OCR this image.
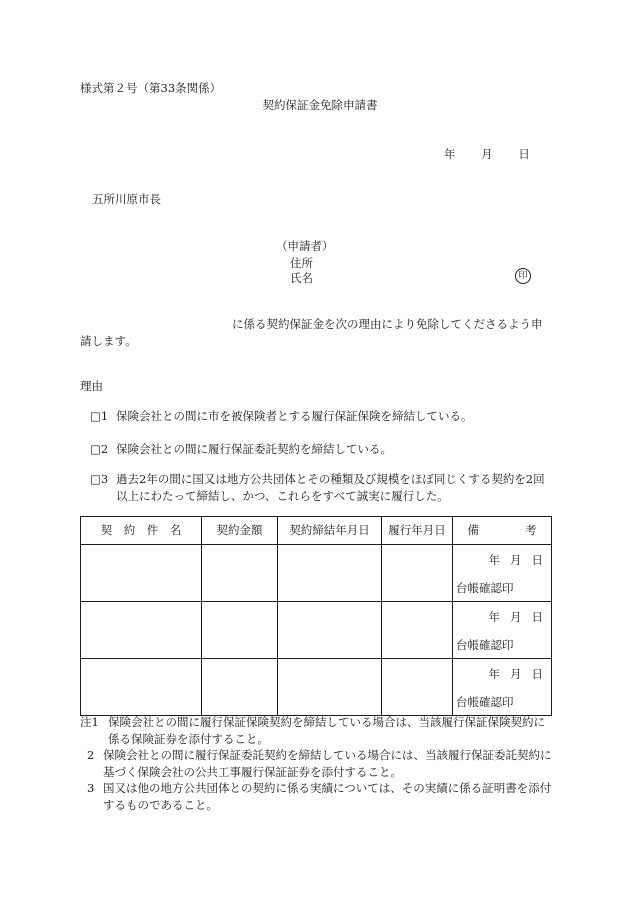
様式第２号（第33条関係）
契約保証金免除申請書
年 月 日
五所川原市長
（申請者）
住所
氏名	印
に係る契約保証金を次の理由により免除してくださるよう申請します。
理由
□1 保険会社との間に市を被保険者とする履行保証保険を締結している。
□2 保険会社との間に履行保証委託契約を締結している。
□3 過去2年の間に国又は地方公共団体とその種類及び規模をほぼ同じくする契約を2回以上にわたって締結し、かつ、これらをすべて誠実に履行した。
契　約　件　名	契約金額	契約締結年月日	履行年月日	備　　　　考

				年 月 日
台帳確認印

				年 月 日
台帳確認印

				年 月 日
台帳確認印
注1 保険会社との間に履行保証保険契約を締結している場合は、当該履行保証保険契約に係る保険証券を添付すること。
2 保険会社との間に履行保証委託契約を締結している場合には、当該履行保証委託契約に基づく保険会社の公共工事履行保証証券を添付すること。
3 国又は他の地方公共団体との契約に係る実績については、その実績に係る証明書を添付するものであること。
